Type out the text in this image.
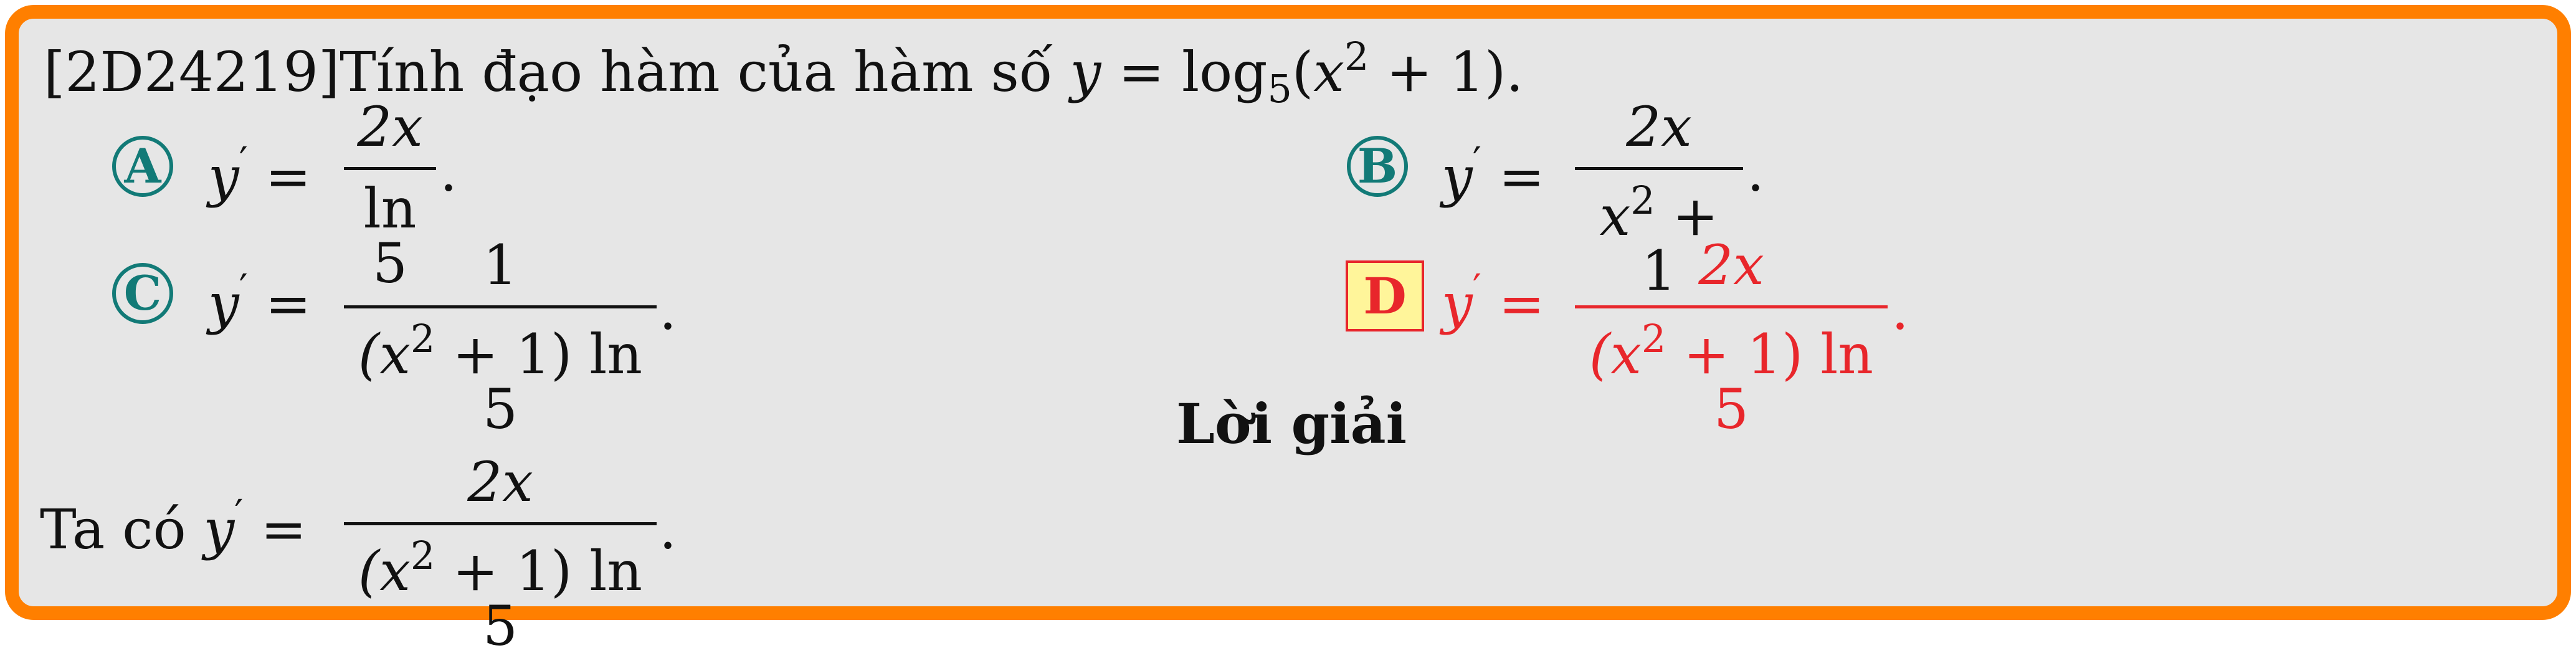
[2D24219]Tính đạo hàm của hàm số $y = \log_5(x^2 + 1)$.
A y′ =
2x
ln 5
.	B y′ =
2x
$x^2 + 1$
.
C y′ =
1
$(x^2 + 1)$ ln 5
.	D y′ =
2x
$(x^2 + 1)$ ln 5
.
Lời giải
Ta có y′ =
2x
$(x^2 + 1)$ ln 5
.
